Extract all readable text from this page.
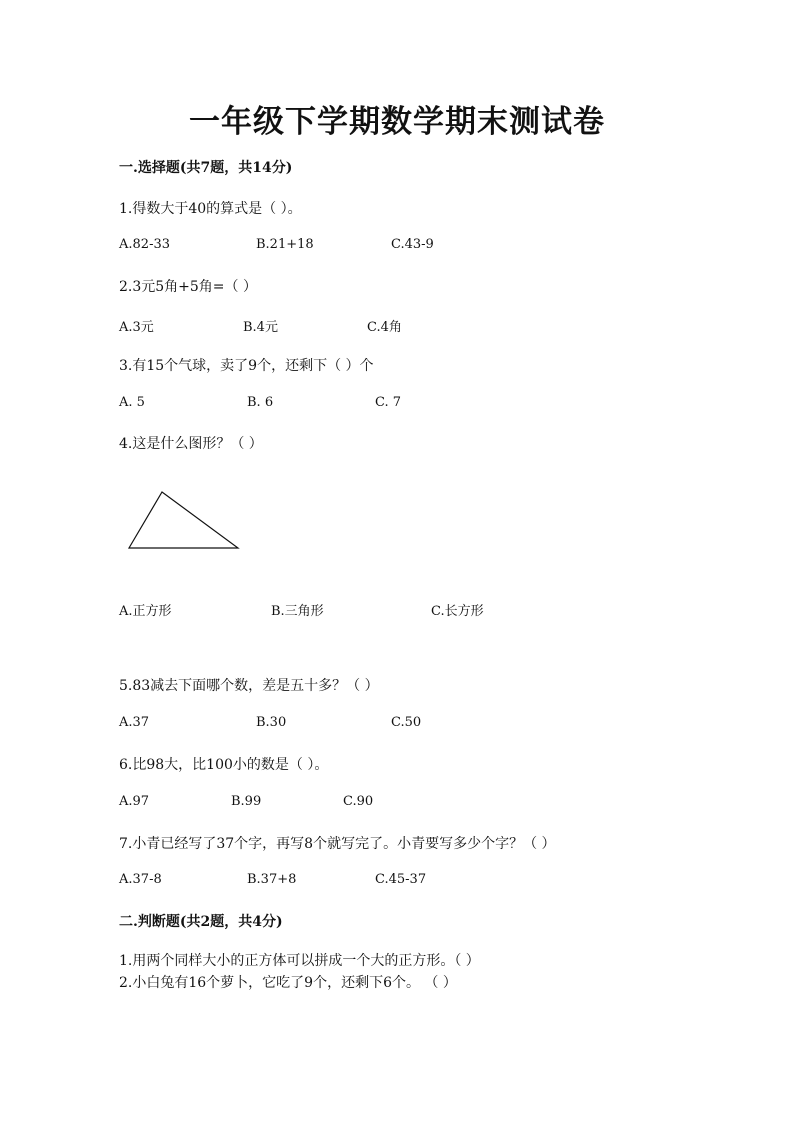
一年级下学期数学期末测试卷
一.选择题(共7题，共14分)
1.得数大于40的算式是（ ）。
A.82-33	B.21+18	C.43-9
2.3元5角+5角=（ ）
A.3元	B.4元	C.4角
3.有15个气球，卖了9个，还剩下（ ）个
A. 5	B. 6	C. 7
4.这是什么图形？（ ）
A.正方形	B.三角形	C.长方形
5.83减去下面哪个数，差是五十多？（ ）
A.37	B.30	C.50
6.比98大，比100小的数是（ ）。
A.97	B.99	C.90
7.小青已经写了37个字，再写8个就写完了。小青要写多少个字？（ ）
A.37-8	B.37+8	C.45-37
二.判断题(共2题，共4分)
1.用两个同样大小的正方体可以拼成一个大的正方形。（ ）
2.小白兔有16个萝卜，它吃了9个，还剩下6个。 （ ）
